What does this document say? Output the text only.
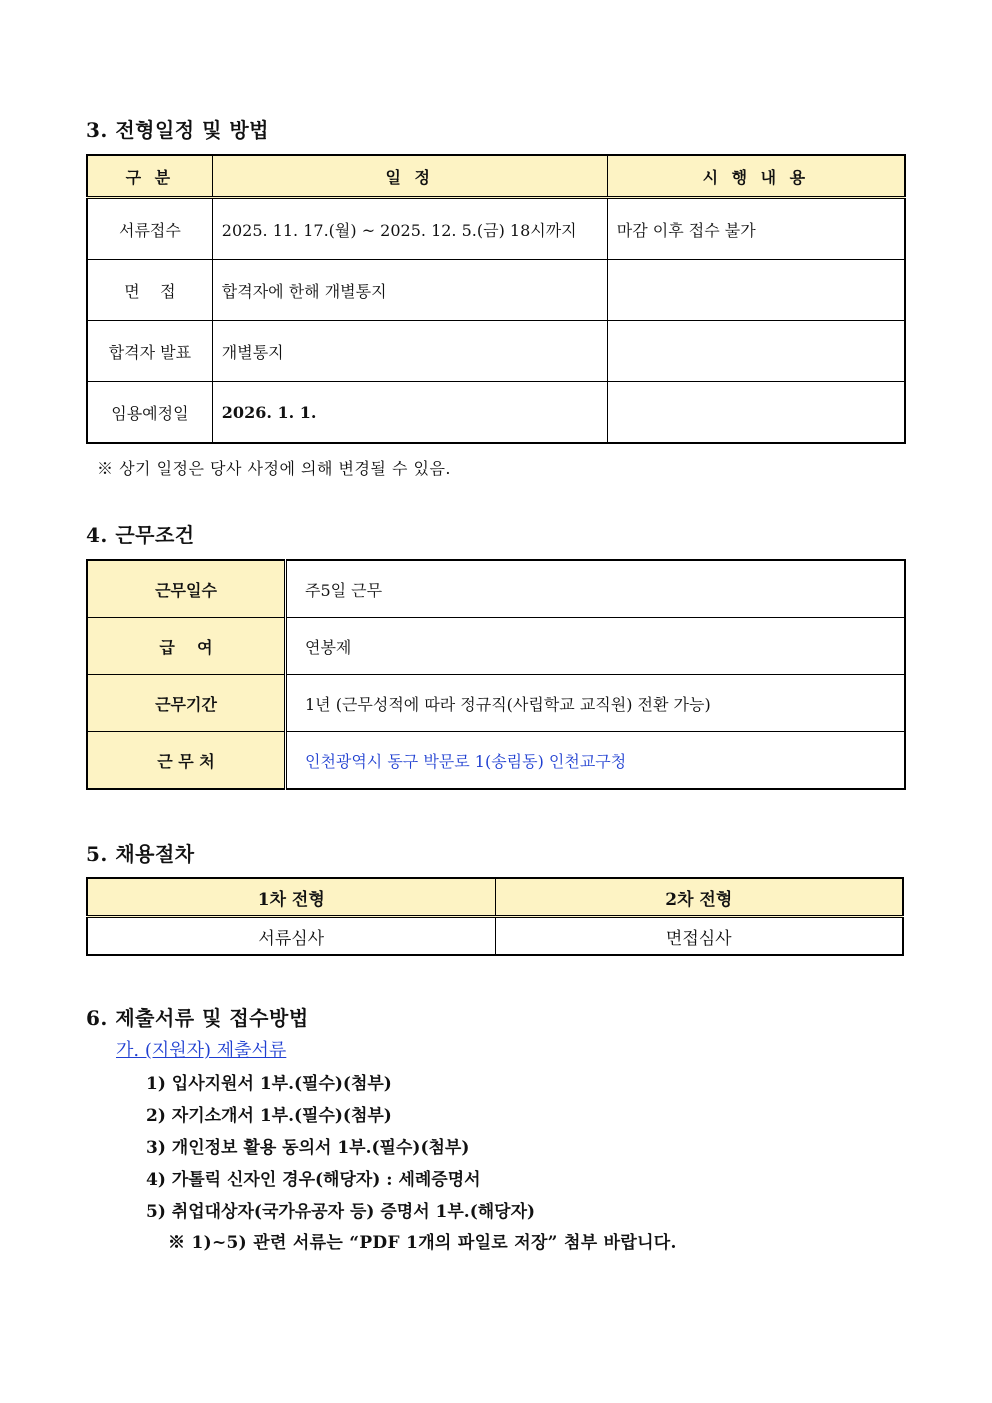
3. 전형일정 및 방법
구 분	일 정	시 행 내 용
서류접수	2025. 11. 17.(월) ~ 2025. 12. 5.(금) 18시까지	마감 이후 접수 불가
면    접	합격자에 한해 개별통지	
합격자 발표	개별통지	
임용예정일	2026. 1. 1.	
※ 상기 일정은 당사 사정에 의해 변경될 수 있음.
4. 근무조건
근무일수	주5일 근무
급    여	연봉제
근무기간	1년 (근무성적에 따라 정규직(사립학교 교직원) 전환 가능)
근 무 처	인천광역시 동구 박문로 1(송림동) 인천교구청
5. 채용절차
1차 전형	2차 전형
서류심사	면접심사
6. 제출서류 및 접수방법
가. (지원자) 제출서류
1) 입사지원서 1부.(필수)(첨부)
2) 자기소개서 1부.(필수)(첨부)
3) 개인정보 활용 동의서 1부.(필수)(첨부)
4) 가톨릭 신자인 경우(해당자) : 세례증명서
5) 취업대상자(국가유공자 등) 증명서 1부.(해당자)
※ 1)~5) 관련 서류는 “PDF 1개의 파일로 저장” 첨부 바랍니다.
